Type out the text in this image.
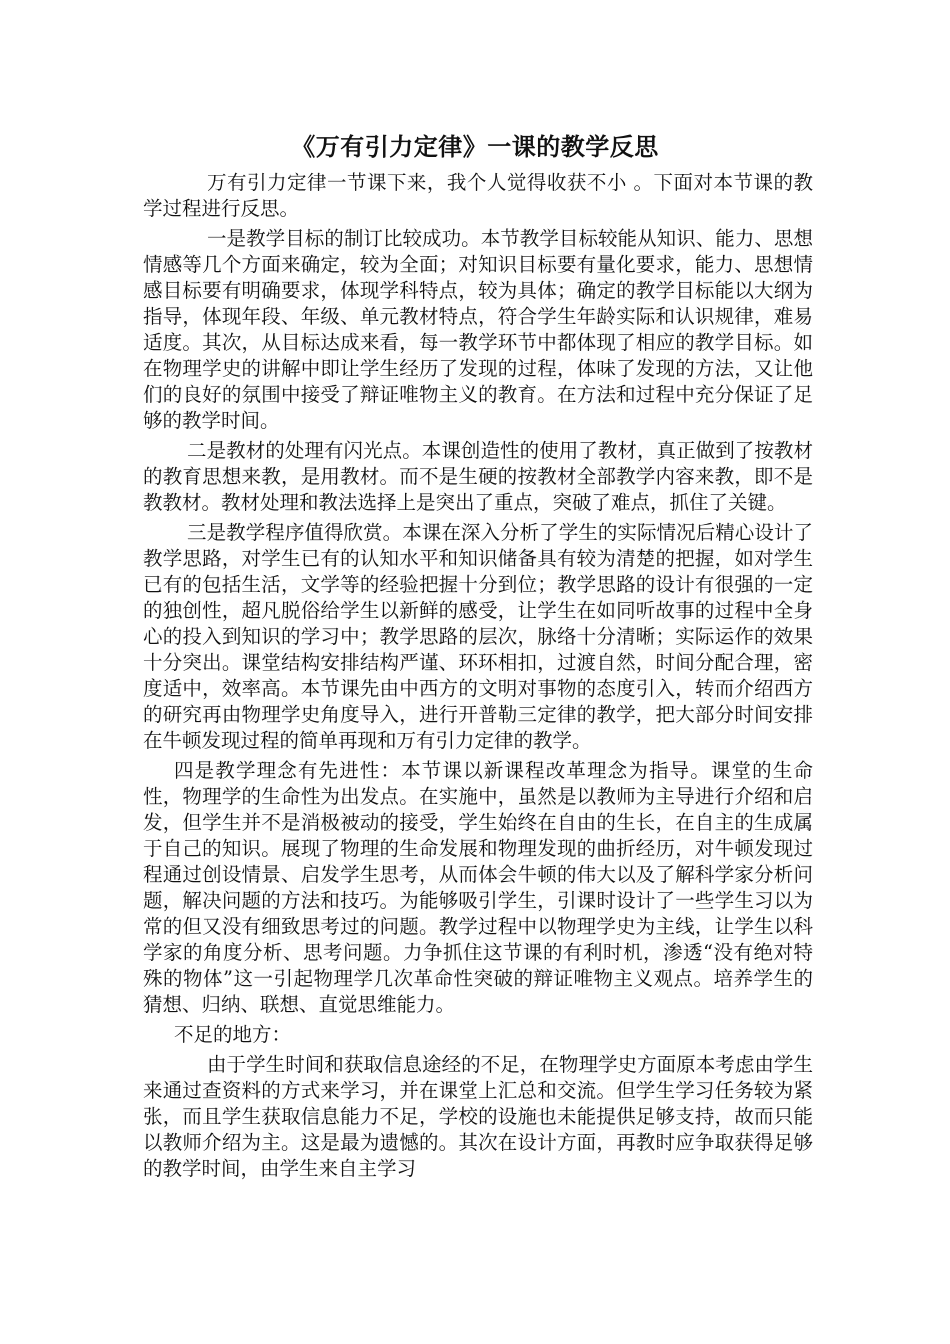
《万有引力定律》一课的教学反思

万有引力定律一节课下来，我个人觉得收获不小 。下面对本节课的教学过程进行反思。

一是教学目标的制订比较成功。本节教学目标较能从知识、能力、思想情感等几个方面来确定，较为全面；对知识目标要有量化要求，能力、思想情感目标要有明确要求，体现学科特点，较为具体；确定的教学目标能以大纲为指导，体现年段、年级、单元教材特点，符合学生年龄实际和认识规律，难易适度。其次，从目标达成来看，每一教学环节中都体现了相应的教学目标。如在物理学史的讲解中即让学生经历了发现的过程，体味了发现的方法，又让他们的良好的氛围中接受了辩证唯物主义的教育。在方法和过程中充分保证了足够的教学时间。

二是教材的处理有闪光点。本课创造性的使用了教材，真正做到了按教材的教育思想来教，是用教材。而不是生硬的按教材全部教学内容来教，即不是教教材。教材处理和教法选择上是突出了重点，突破了难点，抓住了关键。

三是教学程序值得欣赏。本课在深入分析了学生的实际情况后精心设计了教学思路，对学生已有的认知水平和知识储备具有较为清楚的把握，如对学生已有的包括生活，文学等的经验把握十分到位；教学思路的设计有很强的一定的独创性，超凡脱俗给学生以新鲜的感受，让学生在如同听故事的过程中全身心的投入到知识的学习中；教学思路的层次，脉络十分清晰；实际运作的效果十分突出。课堂结构安排结构严谨、环环相扣，过渡自然，时间分配合理，密度适中，效率高。本节课先由中西方的文明对事物的态度引入，转而介绍西方的研究再由物理学史角度导入，进行开普勒三定律的教学，把大部分时间安排在牛顿发现过程的简单再现和万有引力定律的教学。

四是教学理念有先进性：本节课以新课程改革理念为指导。课堂的生命性，物理学的生命性为出发点。在实施中，虽然是以教师为主导进行介绍和启发，但学生并不是消极被动的接受，学生始终在自由的生长，在自主的生成属于自己的知识。展现了物理的生命发展和物理发现的曲折经历，对牛顿发现过程通过创设情景、启发学生思考，从而体会牛顿的伟大以及了解科学家分析问题，解决问题的方法和技巧。为能够吸引学生，引课时设计了一些学生习以为常的但又没有细致思考过的问题。教学过程中以物理学史为主线，让学生以科学家的角度分析、思考问题。力争抓住这节课的有利时机，渗透“没有绝对特殊的物体”这一引起物理学几次革命性突破的辩证唯物主义观点。培养学生的猜想、归纳、联想、直觉思维能力。

不足的地方：

由于学生时间和获取信息途经的不足，在物理学史方面原本考虑由学生来通过查资料的方式来学习，并在课堂上汇总和交流。但学生学习任务较为紧张，而且学生获取信息能力不足，学校的设施也未能提供足够支持，故而只能以教师介绍为主。这是最为遗憾的。其次在设计方面，再教时应争取获得足够的教学时间，由学生来自主学习
